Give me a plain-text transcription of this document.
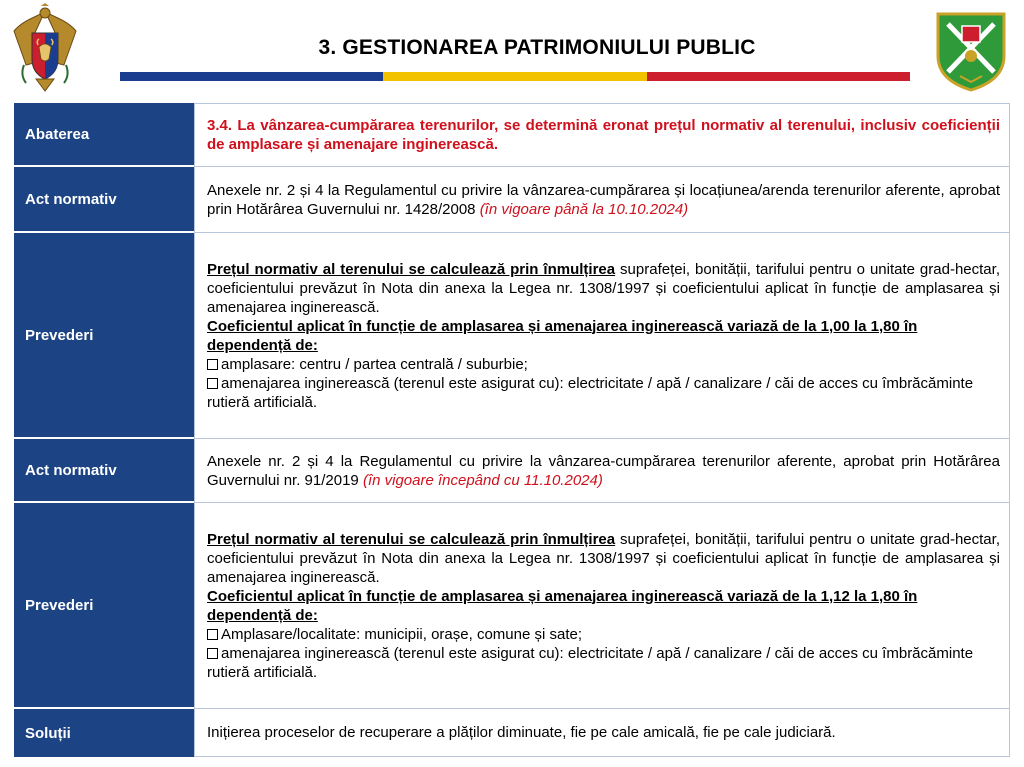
3. GESTIONAREA PATRIMONIULUI PUBLIC
Abaterea	3.4. La vânzarea-cumpărarea terenurilor, se determină eronat prețul normativ al terenului, inclusiv coeficienții de amplasare și amenajare inginerească.
Act normativ	Anexele nr. 2 și 4 la Regulamentul cu privire la vânzarea-cumpărarea și locațiunea/arenda terenurilor aferente, aprobat prin Hotărârea Guvernului nr. 1428/2008 (în vigoare până la 10.10.2024)
Prevederi	Prețul normativ al terenului se calculează prin înmulțirea suprafeței, bonității, tarifului pentru o unitate grad-hectar, coeficientului prevăzut în Nota din anexa la Legea nr. 1308/1997 și coeficientului aplicat în funcție de amplasarea și amenajarea inginerească.
Coeficientul aplicat în funcție de amplasarea și amenajarea inginerească variază de la 1,00 la 1,80 în dependență de:
amplasare: centru / partea centrală / suburbie;
amenajarea inginerească (terenul este asigurat cu): electricitate / apă / canalizare / căi de acces cu îmbrăcăminte rutieră artificială.

Act normativ	Anexele nr. 2 și 4 la Regulamentul cu privire la vânzarea-cumpărarea terenurilor aferente, aprobat prin Hotărârea Guvernului nr. 91/2019 (în vigoare începând cu 11.10.2024)
Prevederi	Prețul normativ al terenului se calculează prin înmulțirea suprafeței, bonității, tarifului pentru o unitate grad-hectar, coeficientului prevăzut în Nota din anexa la Legea nr. 1308/1997 și coeficientului aplicat în funcție de amplasarea și amenajarea inginerească.
Coeficientul aplicat în funcție de amplasarea și amenajarea inginerească variază de la 1,12 la 1,80 în dependență de:
Amplasare/localitate: municipii, orașe, comune și sate;
amenajarea inginerească (terenul este asigurat cu): electricitate / apă / canalizare / căi de acces cu îmbrăcăminte rutieră artificială.

Soluții	Inițierea proceselor de recuperare a plăților diminuate, fie pe cale amicală, fie pe cale judiciară.
